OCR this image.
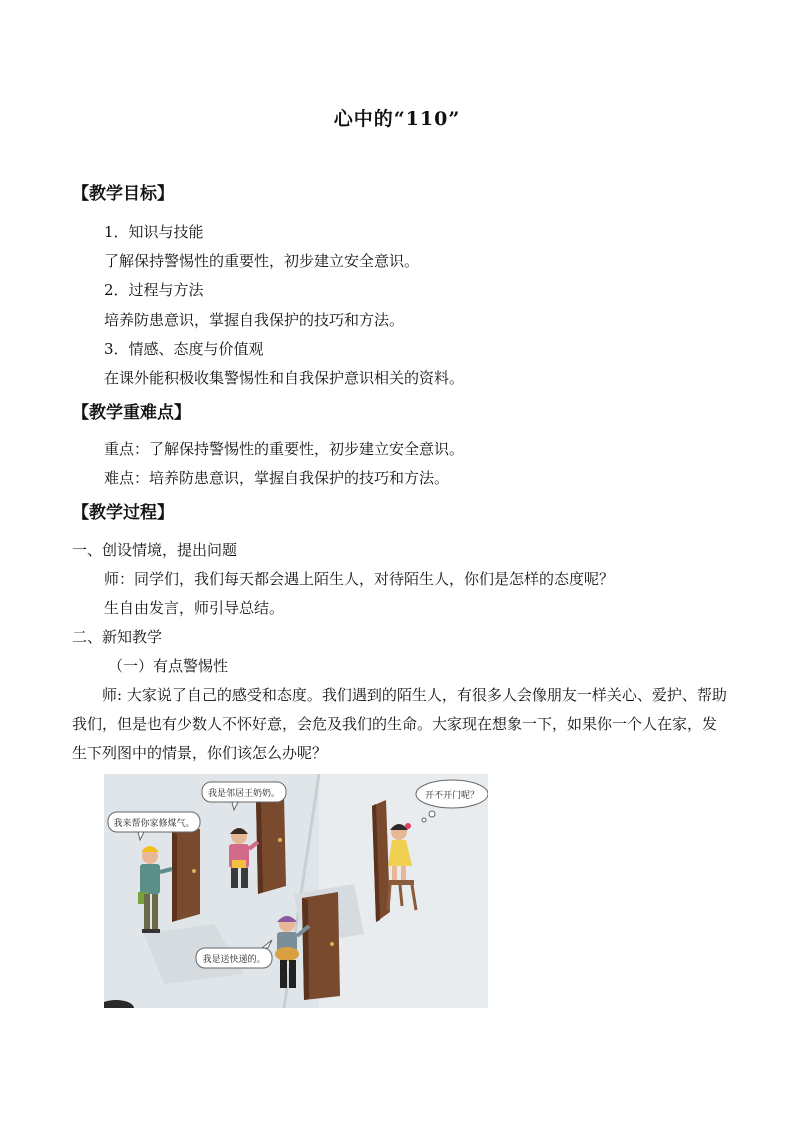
心中的“110”
【教学目标】
1．知识与技能
了解保持警惕性的重要性，初步建立安全意识。
2．过程与方法
培养防患意识，掌握自我保护的技巧和方法。
3．情感、态度与价值观
在课外能积极收集警惕性和自我保护意识相关的资料。
【教学重难点】
重点：了解保持警惕性的重要性，初步建立安全意识。
难点：培养防患意识，掌握自我保护的技巧和方法。
【教学过程】
一、创设情境，提出问题
师：同学们，我们每天都会遇上陌生人，对待陌生人，你们是怎样的态度呢？
生自由发言，师引导总结。
二、新知教学
（一）有点警惕性
师: 大家说了自己的感受和态度。我们遇到的陌生人，有很多人会像朋友一样关心、爱护、帮助我们，但是也有少数人不怀好意，会危及我们的生命。大家现在想象一下，如果你一个人在家，发生下列图中的情景，你们该怎么办呢？
我来帮你家修煤气。
我是邻居王奶奶。	开不开门呢？
我是送快递的。
